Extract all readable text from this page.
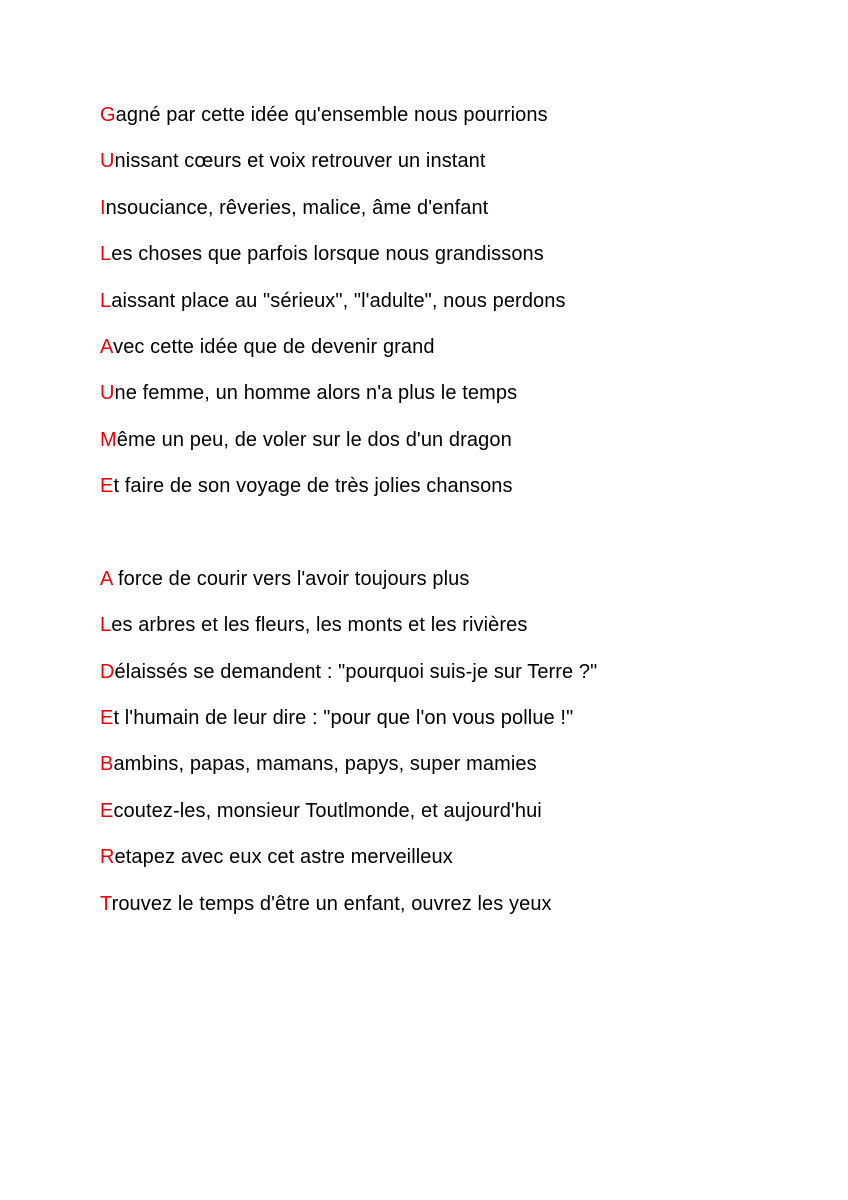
Gagné par cette idée qu'ensemble nous pourrions
Unissant cœurs et voix retrouver un instant
Insouciance, rêveries, malice, âme d'enfant
Les choses que parfois lorsque nous grandissons
Laissant place au "sérieux", "l'adulte", nous perdons
Avec cette idée que de devenir grand
Une femme, un homme alors n'a plus le temps
Même un peu, de voler sur le dos d'un dragon
Et faire de son voyage de très jolies chansons
A force de courir vers l'avoir toujours plus
Les arbres et les fleurs, les monts et les rivières
Délaissés se demandent : "pourquoi suis-je sur Terre ?"
Et l'humain de leur dire : "pour que l'on vous pollue !"
Bambins, papas, mamans, papys, super mamies
Ecoutez-les, monsieur Toutlmonde, et aujourd'hui
Retapez avec eux cet astre merveilleux
Trouvez le temps d'être un enfant, ouvrez les yeux
